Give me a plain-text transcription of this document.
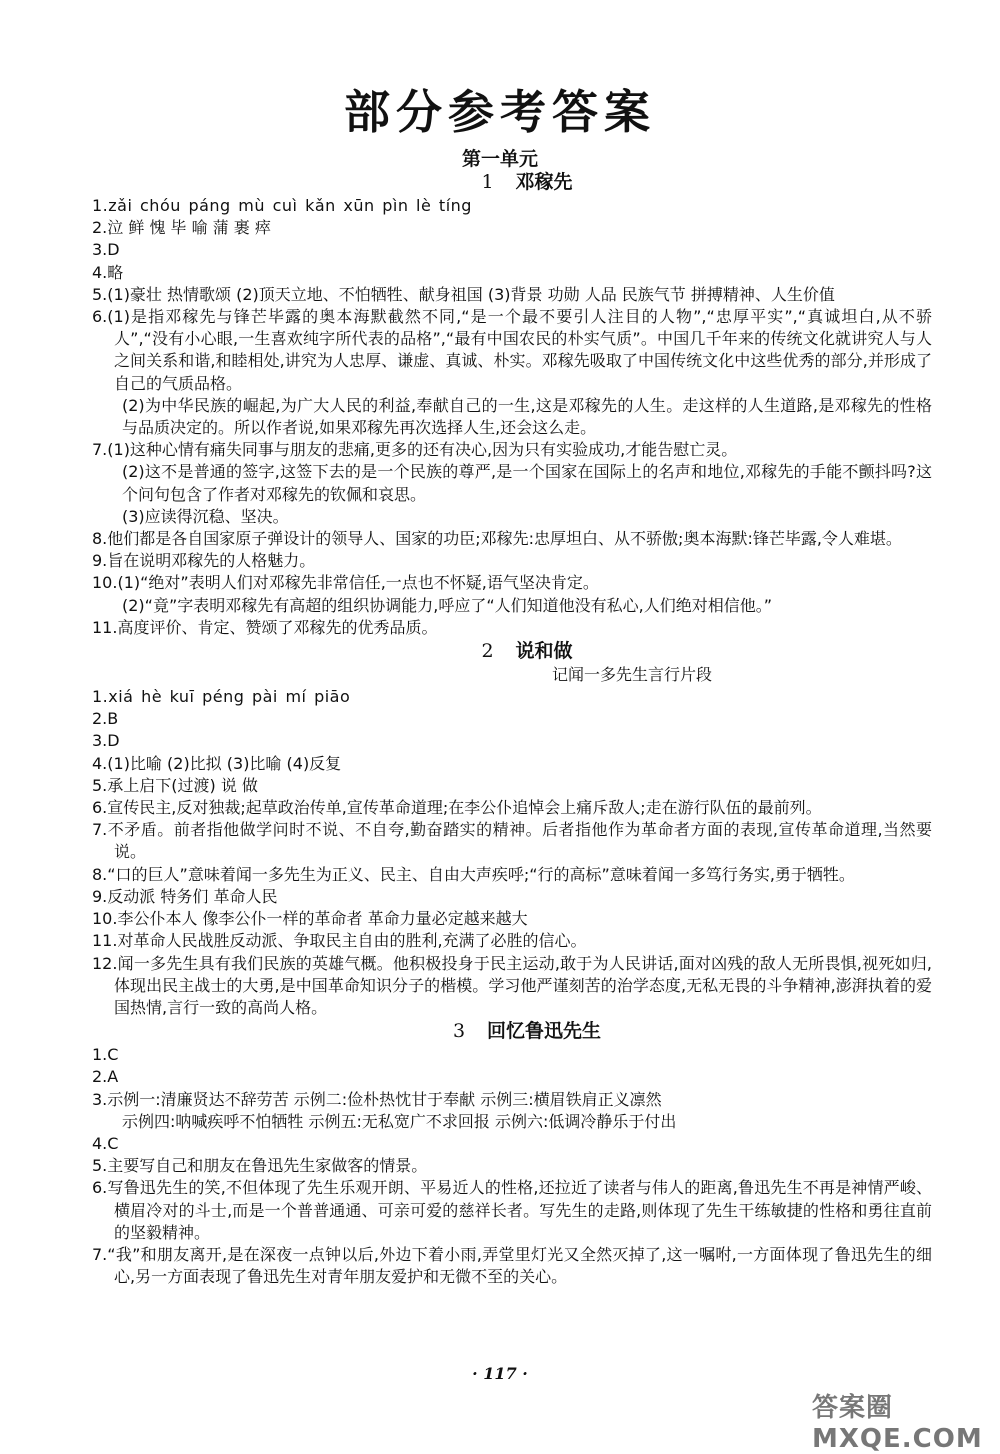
部分参考答案
第一单元
1 邓稼先
1.zǎi chóu páng mù cuì kǎn xūn pìn lè tíng
2.泣 鲜 愧 毕 喻 蒲 裹 瘁
3.D
4.略
5.(1)豪壮 热情歌颂 (2)顶天立地、不怕牺牲、献身祖国 (3)背景 功勋 人品 民族气节 拼搏精神、人生价值
6.(1)是指邓稼先与锋芒毕露的奥本海默截然不同,“是一个最不要引人注目的人物”,“忠厚平实”,“真诚坦白,从不骄人”,“没有小心眼,一生喜欢纯字所代表的品格”,“最有中国农民的朴实气质”。中国几千年来的传统文化就讲究人与人之间关系和谐,和睦相处,讲究为人忠厚、谦虚、真诚、朴实。邓稼先吸取了中国传统文化中这些优秀的部分,并形成了自己的气质品格。
(2)为中华民族的崛起,为广大人民的利益,奉献自己的一生,这是邓稼先的人生。走这样的人生道路,是邓稼先的性格与品质决定的。所以作者说,如果邓稼先再次选择人生,还会这么走。
7.(1)这种心情有痛失同事与朋友的悲痛,更多的还有决心,因为只有实验成功,才能告慰亡灵。
(2)这不是普通的签字,这签下去的是一个民族的尊严,是一个国家在国际上的名声和地位,邓稼先的手能不颤抖吗?这个问句包含了作者对邓稼先的钦佩和哀思。
(3)应读得沉稳、坚决。
8.他们都是各自国家原子弹设计的领导人、国家的功臣;邓稼先:忠厚坦白、从不骄傲;奥本海默:锋芒毕露,令人难堪。
9.旨在说明邓稼先的人格魅力。
10.(1)“绝对”表明人们对邓稼先非常信任,一点也不怀疑,语气坚决肯定。
(2)“竟”字表明邓稼先有高超的组织协调能力,呼应了“人们知道他没有私心,人们绝对相信他。”
11.高度评价、肯定、赞颂了邓稼先的优秀品质。
2 说和做
记闻一多先生言行片段
1.xiá hè kuī péng pài mí piāo
2.B
3.D
4.(1)比喻 (2)比拟 (3)比喻 (4)反复
5.承上启下(过渡) 说 做
6.宣传民主,反对独裁;起草政治传单,宣传革命道理;在李公仆追悼会上痛斥敌人;走在游行队伍的最前列。
7.不矛盾。前者指他做学问时不说、不自夸,勤奋踏实的精神。后者指他作为革命者方面的表现,宣传革命道理,当然要说。
8.“口的巨人”意味着闻一多先生为正义、民主、自由大声疾呼;“行的高标”意味着闻一多笃行务实,勇于牺牲。
9.反动派 特务们 革命人民
10.李公仆本人 像李公仆一样的革命者 革命力量必定越来越大
11.对革命人民战胜反动派、争取民主自由的胜利,充满了必胜的信心。
12.闻一多先生具有我们民族的英雄气概。他积极投身于民主运动,敢于为人民讲话,面对凶残的敌人无所畏惧,视死如归,体现出民主战士的大勇,是中国革命知识分子的楷模。学习他严谨刻苦的治学态度,无私无畏的斗争精神,澎湃执着的爱国热情,言行一致的高尚人格。
3 回忆鲁迅先生
1.C
2.A
3.示例一:清廉贤达不辞劳苦 示例二:俭朴热忱甘于奉献 示例三:横眉铁肩正义凛然
示例四:呐喊疾呼不怕牺牲 示例五:无私宽广不求回报 示例六:低调冷静乐于付出
4.C
5.主要写自己和朋友在鲁迅先生家做客的情景。
6.写鲁迅先生的笑,不但体现了先生乐观开朗、平易近人的性格,还拉近了读者与伟人的距离,鲁迅先生不再是神情严峻、横眉冷对的斗士,而是一个普普通通、可亲可爱的慈祥长者。写先生的走路,则体现了先生干练敏捷的性格和勇往直前的坚毅精神。
7.“我”和朋友离开,是在深夜一点钟以后,外边下着小雨,弄堂里灯光又全然灭掉了,这一嘱咐,一方面体现了鲁迅先生的细心,另一方面表现了鲁迅先生对青年朋友爱护和无微不至的关心。
· 117 ·
答案圈 MXQE.COM
